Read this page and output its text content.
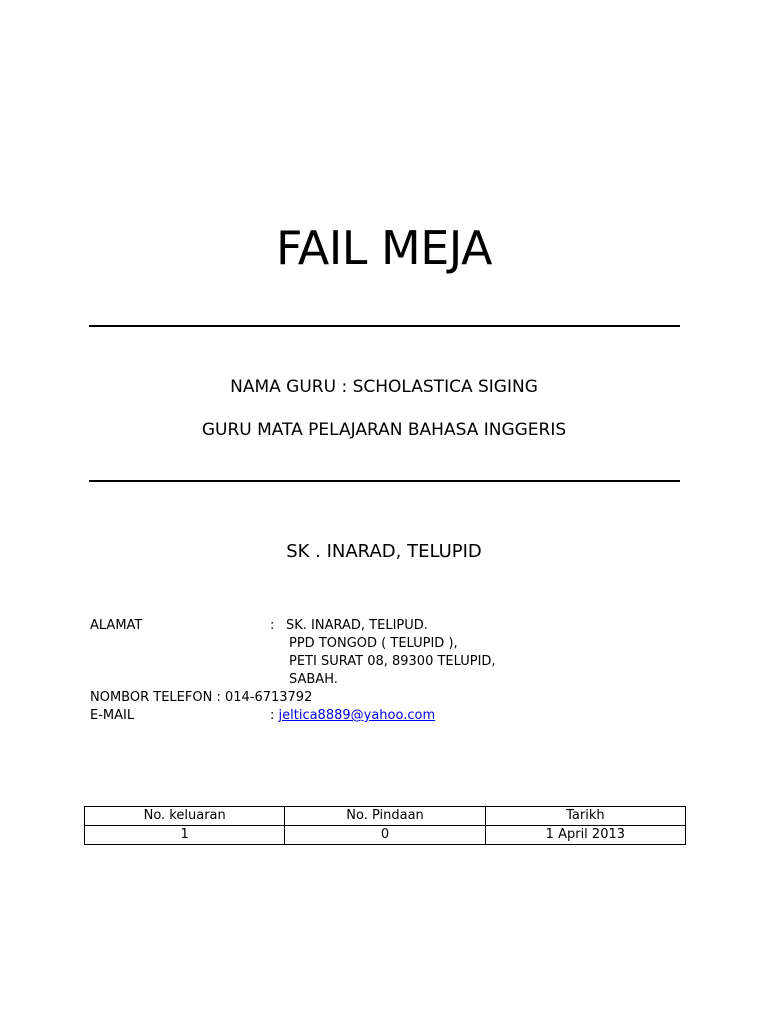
FAIL MEJA
NAMA GURU : SCHOLASTICA SIGING
GURU MATA PELAJARAN BAHASA INGGERIS
SK . INARAD, TELUPID
ALAMAT	: SK. INARAD, TELIPUD.
PPD TONGOD ( TELUPID ),
PETI SURAT 08, 89300 TELUPID,
SABAH.
NOMBOR TELEFON : 014-6713792
E-MAIL	: jeltica8889@yahoo.com
No. keluaran	No. Pindaan	Tarikh
1	0	1 April 2013
